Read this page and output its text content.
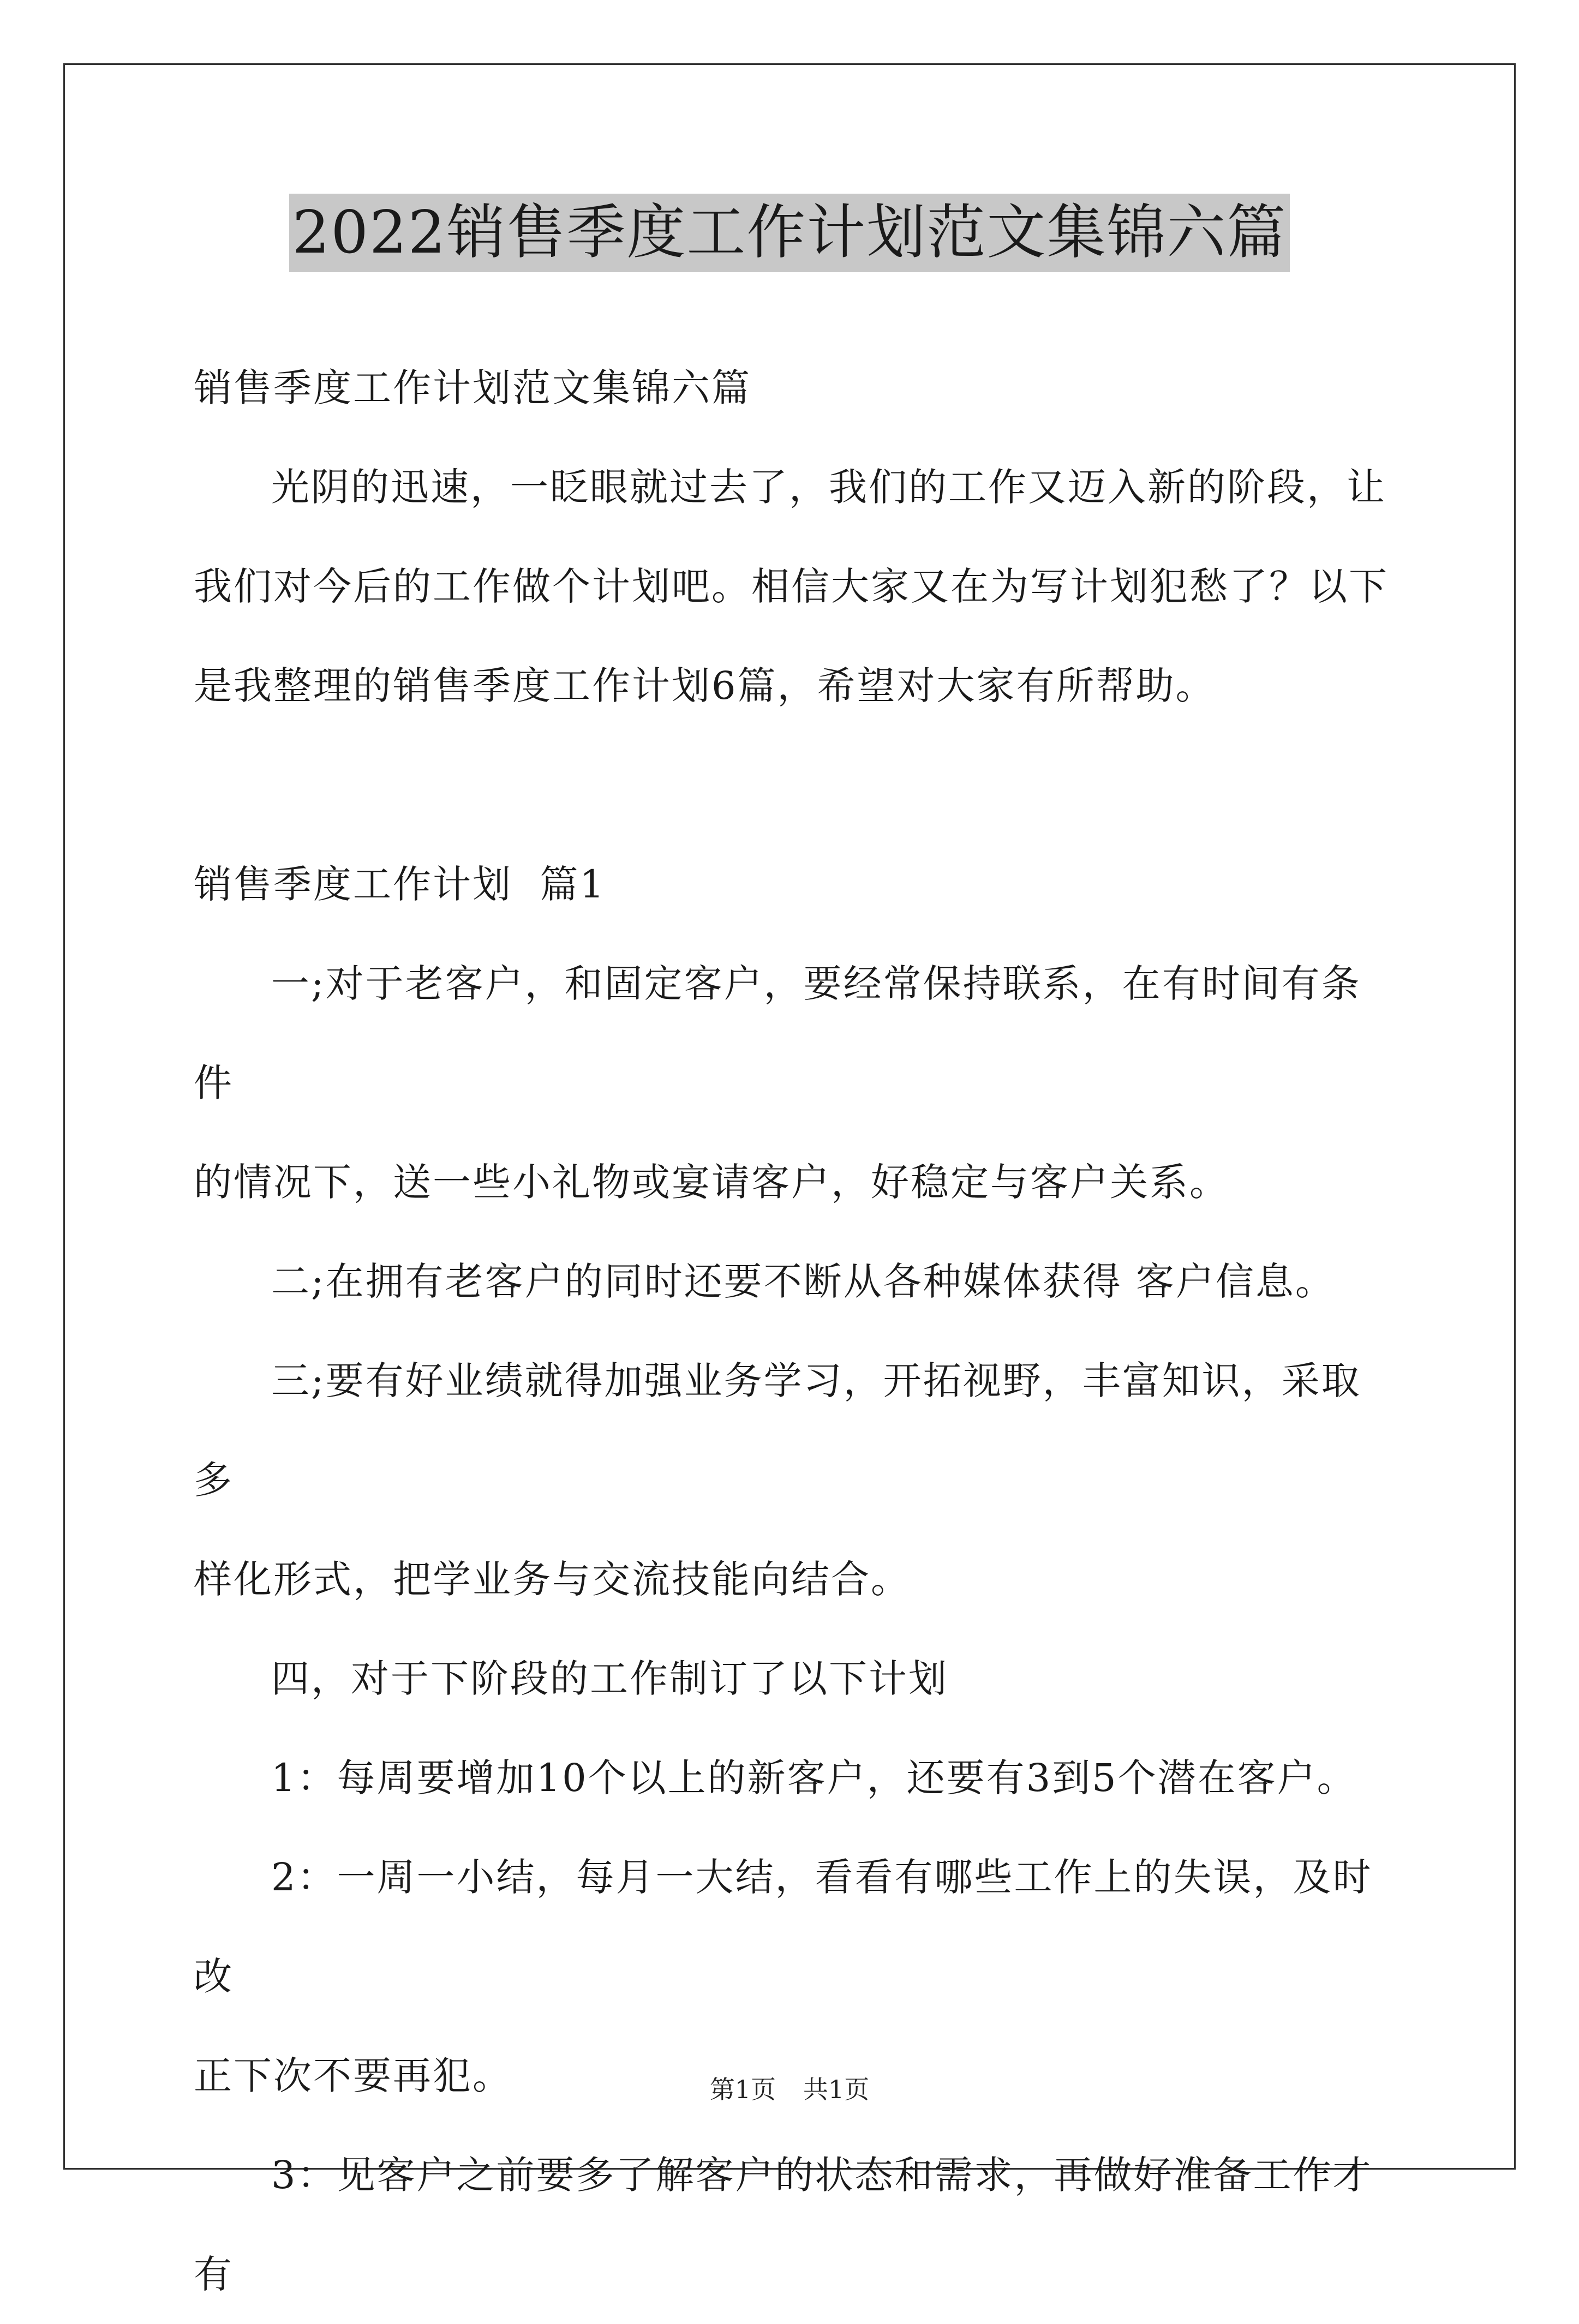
2022销售季度工作计划范文集锦六篇

销售季度工作计划范文集锦六篇

光阴的迅速，一眨眼就过去了，我们的工作又迈入新的阶段，让

我们对今后的工作做个计划吧。相信大家又在为写计划犯愁了？以下

是我整理的销售季度工作计划6篇，希望对大家有所帮助。

销售季度工作计划  篇1

一;对于老客户，和固定客户，要经常保持联系，在有时间有条件

的情况下，送一些小礼物或宴请客户，好稳定与客户关系。

二;在拥有老客户的同时还要不断从各种媒体获得 客户信息。

三;要有好业绩就得加强业务学习，开拓视野，丰富知识，采取多

样化形式，把学业务与交流技能向结合。

四，对于下阶段的工作制订了以下计划

1：每周要增加10个以上的新客户，还要有3到5个潜在客户。

2：一周一小结，每月一大结，看看有哪些工作上的失误，及时改

正下次不要再犯。

3：见客户之前要多了解客户的状态和需求，再做好准备工作才有

第1页 共1页
